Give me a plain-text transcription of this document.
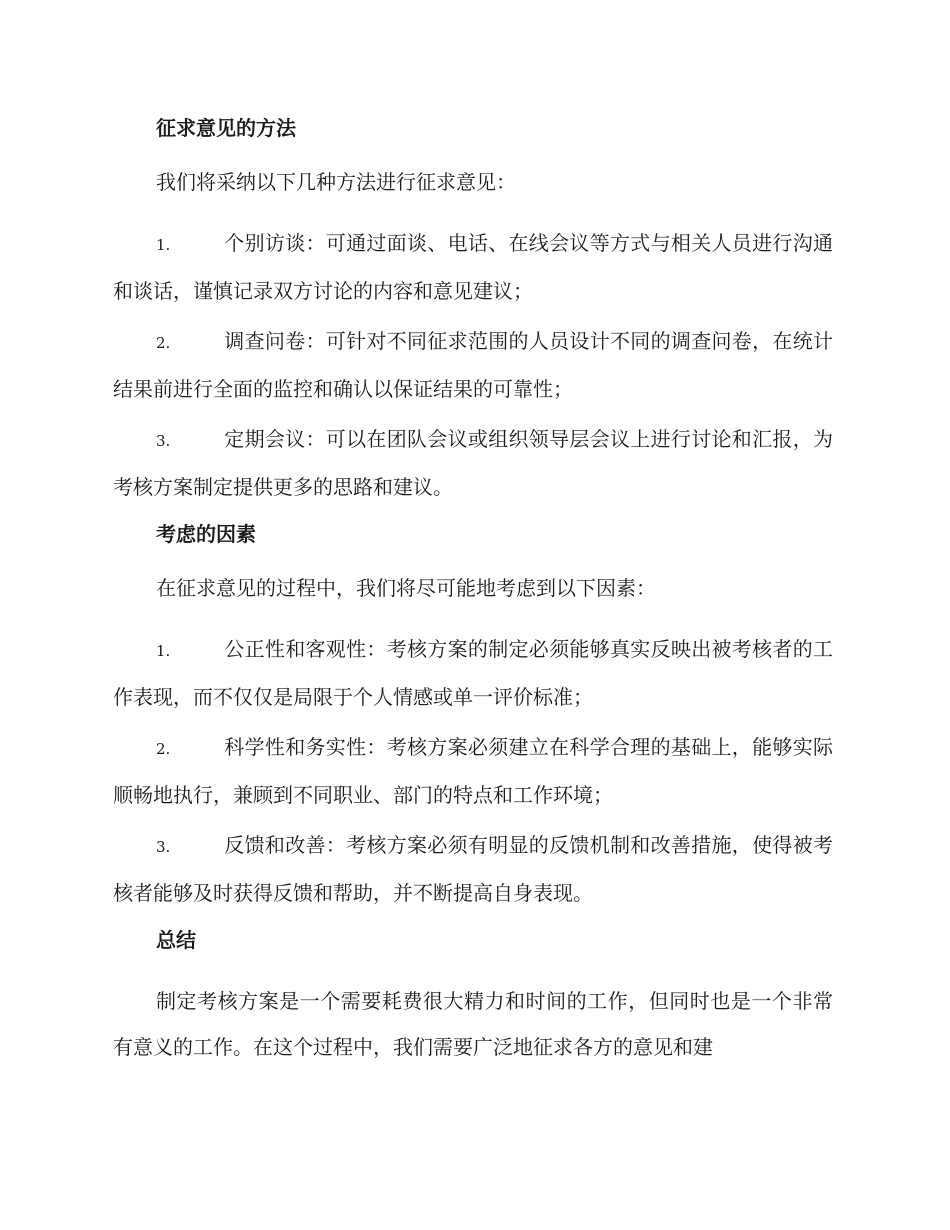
征求意见的方法
我们将采纳以下几种方法进行征求意见：
1.	个别访谈：可通过面谈、电话、在线会议等方式与相关人员进行沟通和谈话，谨慎记录双方讨论的内容和意见建议；
2.	调查问卷：可针对不同征求范围的人员设计不同的调查问卷，在统计结果前进行全面的监控和确认以保证结果的可靠性；
3.	定期会议：可以在团队会议或组织领导层会议上进行讨论和汇报，为考核方案制定提供更多的思路和建议。
考虑的因素
在征求意见的过程中，我们将尽可能地考虑到以下因素：
1.	公正性和客观性：考核方案的制定必须能够真实反映出被考核者的工作表现，而不仅仅是局限于个人情感或单一评价标准；
2.	科学性和务实性：考核方案必须建立在科学合理的基础上，能够实际顺畅地执行，兼顾到不同职业、部门的特点和工作环境；
3.	反馈和改善：考核方案必须有明显的反馈机制和改善措施，使得被考核者能够及时获得反馈和帮助，并不断提高自身表现。
总结
制定考核方案是一个需要耗费很大精力和时间的工作，但同时也是一个非常有意义的工作。在这个过程中，我们需要广泛地征求各方的意见和建
